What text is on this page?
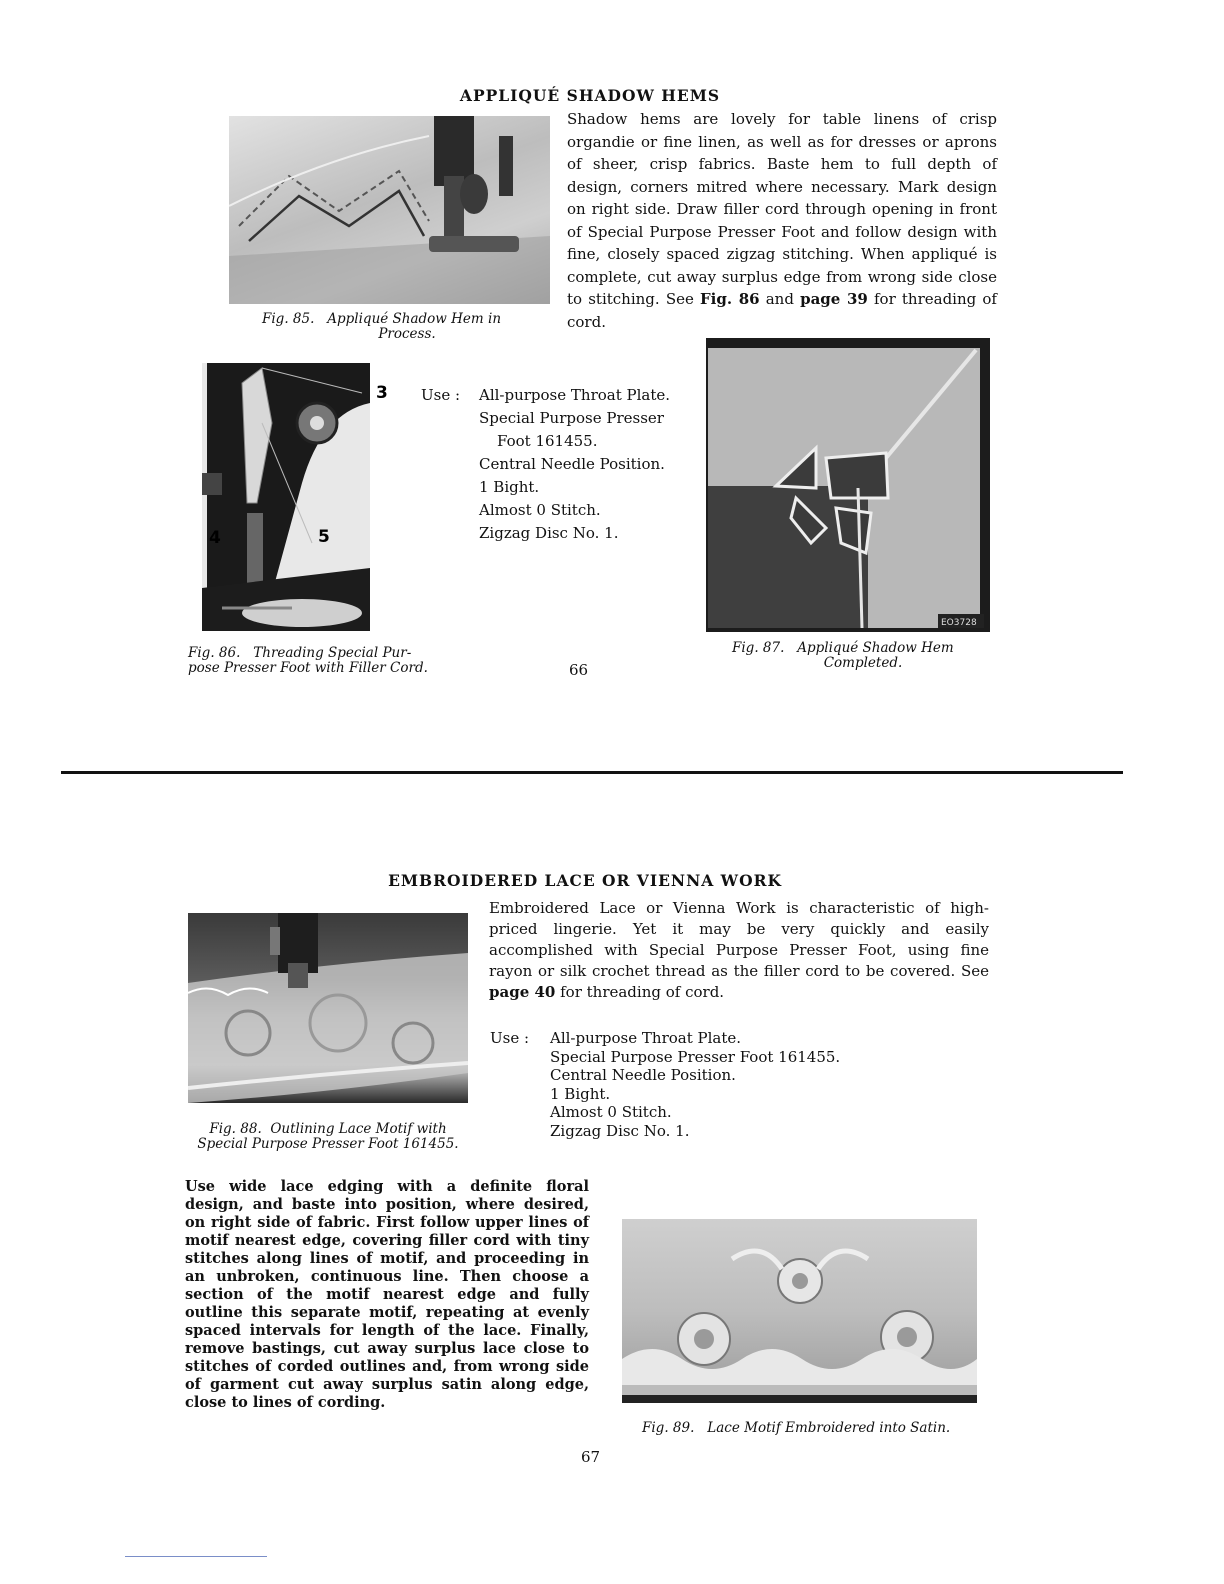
APPLIQUÉ SHADOW HEMS
Fig. 85. Appliqué Shadow Hem in
Process.
Shadow hems are lovely for table linens of crisp organdie or fine linen, as well as for dresses or aprons of sheer, crisp fabrics. Baste hem to full depth of design, corners mitred where necessary. Mark design on right side. Draw filler cord through opening in front of Special Purpose Presser Foot and follow design with fine, closely spaced zigzag stitching. When appliqué is complete, cut away surplus edge from wrong side close to stitching. See Fig. 86 and page 39 for threading of cord.
3
4	5
Fig. 86. Threading Special Pur-
pose Presser Foot with Filler Cord.
Use : All-purpose Throat Plate.
Special Purpose Presser
Foot 161455.
Central Needle Position.
1 Bight.
Almost 0 Stitch.
Zigzag Disc No. 1.
EO3728
Fig. 87. Appliqué Shadow Hem
Completed.
66
EMBROIDERED LACE OR VIENNA WORK
Fig. 88. Outlining Lace Motif with
Special Purpose Presser Foot 161455.
Embroidered Lace or Vienna Work is characteristic of high-priced lingerie. Yet it may be very quickly and easily accomplished with Special Purpose Presser Foot, using fine rayon or silk crochet thread as the filler cord to be covered. See page 40 for threading of cord.
Use : All-purpose Throat Plate.
Special Purpose Presser Foot 161455.
Central Needle Position.
1 Bight.
Almost 0 Stitch.
Zigzag Disc No. 1.
Use wide lace edging with a definite floral design, and baste into position, where desired, on right side of fabric. First follow upper lines of motif nearest edge, covering filler cord with tiny stitches along lines of motif, and proceeding in an unbroken, continuous line. Then choose a section of the motif nearest edge and fully outline this separate motif, repeating at evenly spaced intervals for length of the lace. Finally, remove bastings, cut away surplus lace close to stitches of corded outlines and, from wrong side of garment cut away surplus satin along edge, close to lines of cording.
Fig. 89. Lace Motif Embroidered into Satin.
67
